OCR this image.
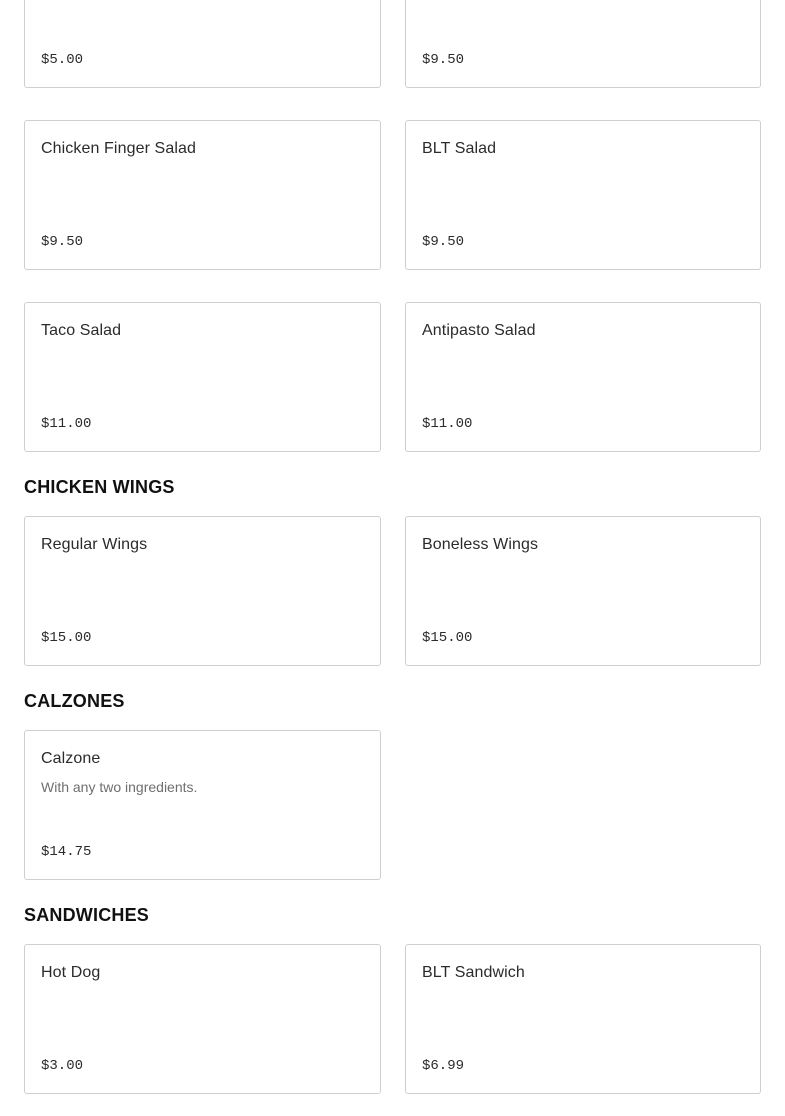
$5.00	$9.50
Chicken Finger Salad
$9.50
BLT Salad
$9.50
Taco Salad
$11.00
Antipasto Salad
$11.00
CHICKEN WINGS
Regular Wings
$15.00
Boneless Wings
$15.00
CALZONES
Calzone
With any two ingredients.
$14.75
SANDWICHES
Hot Dog
$3.00
BLT Sandwich
$6.99
